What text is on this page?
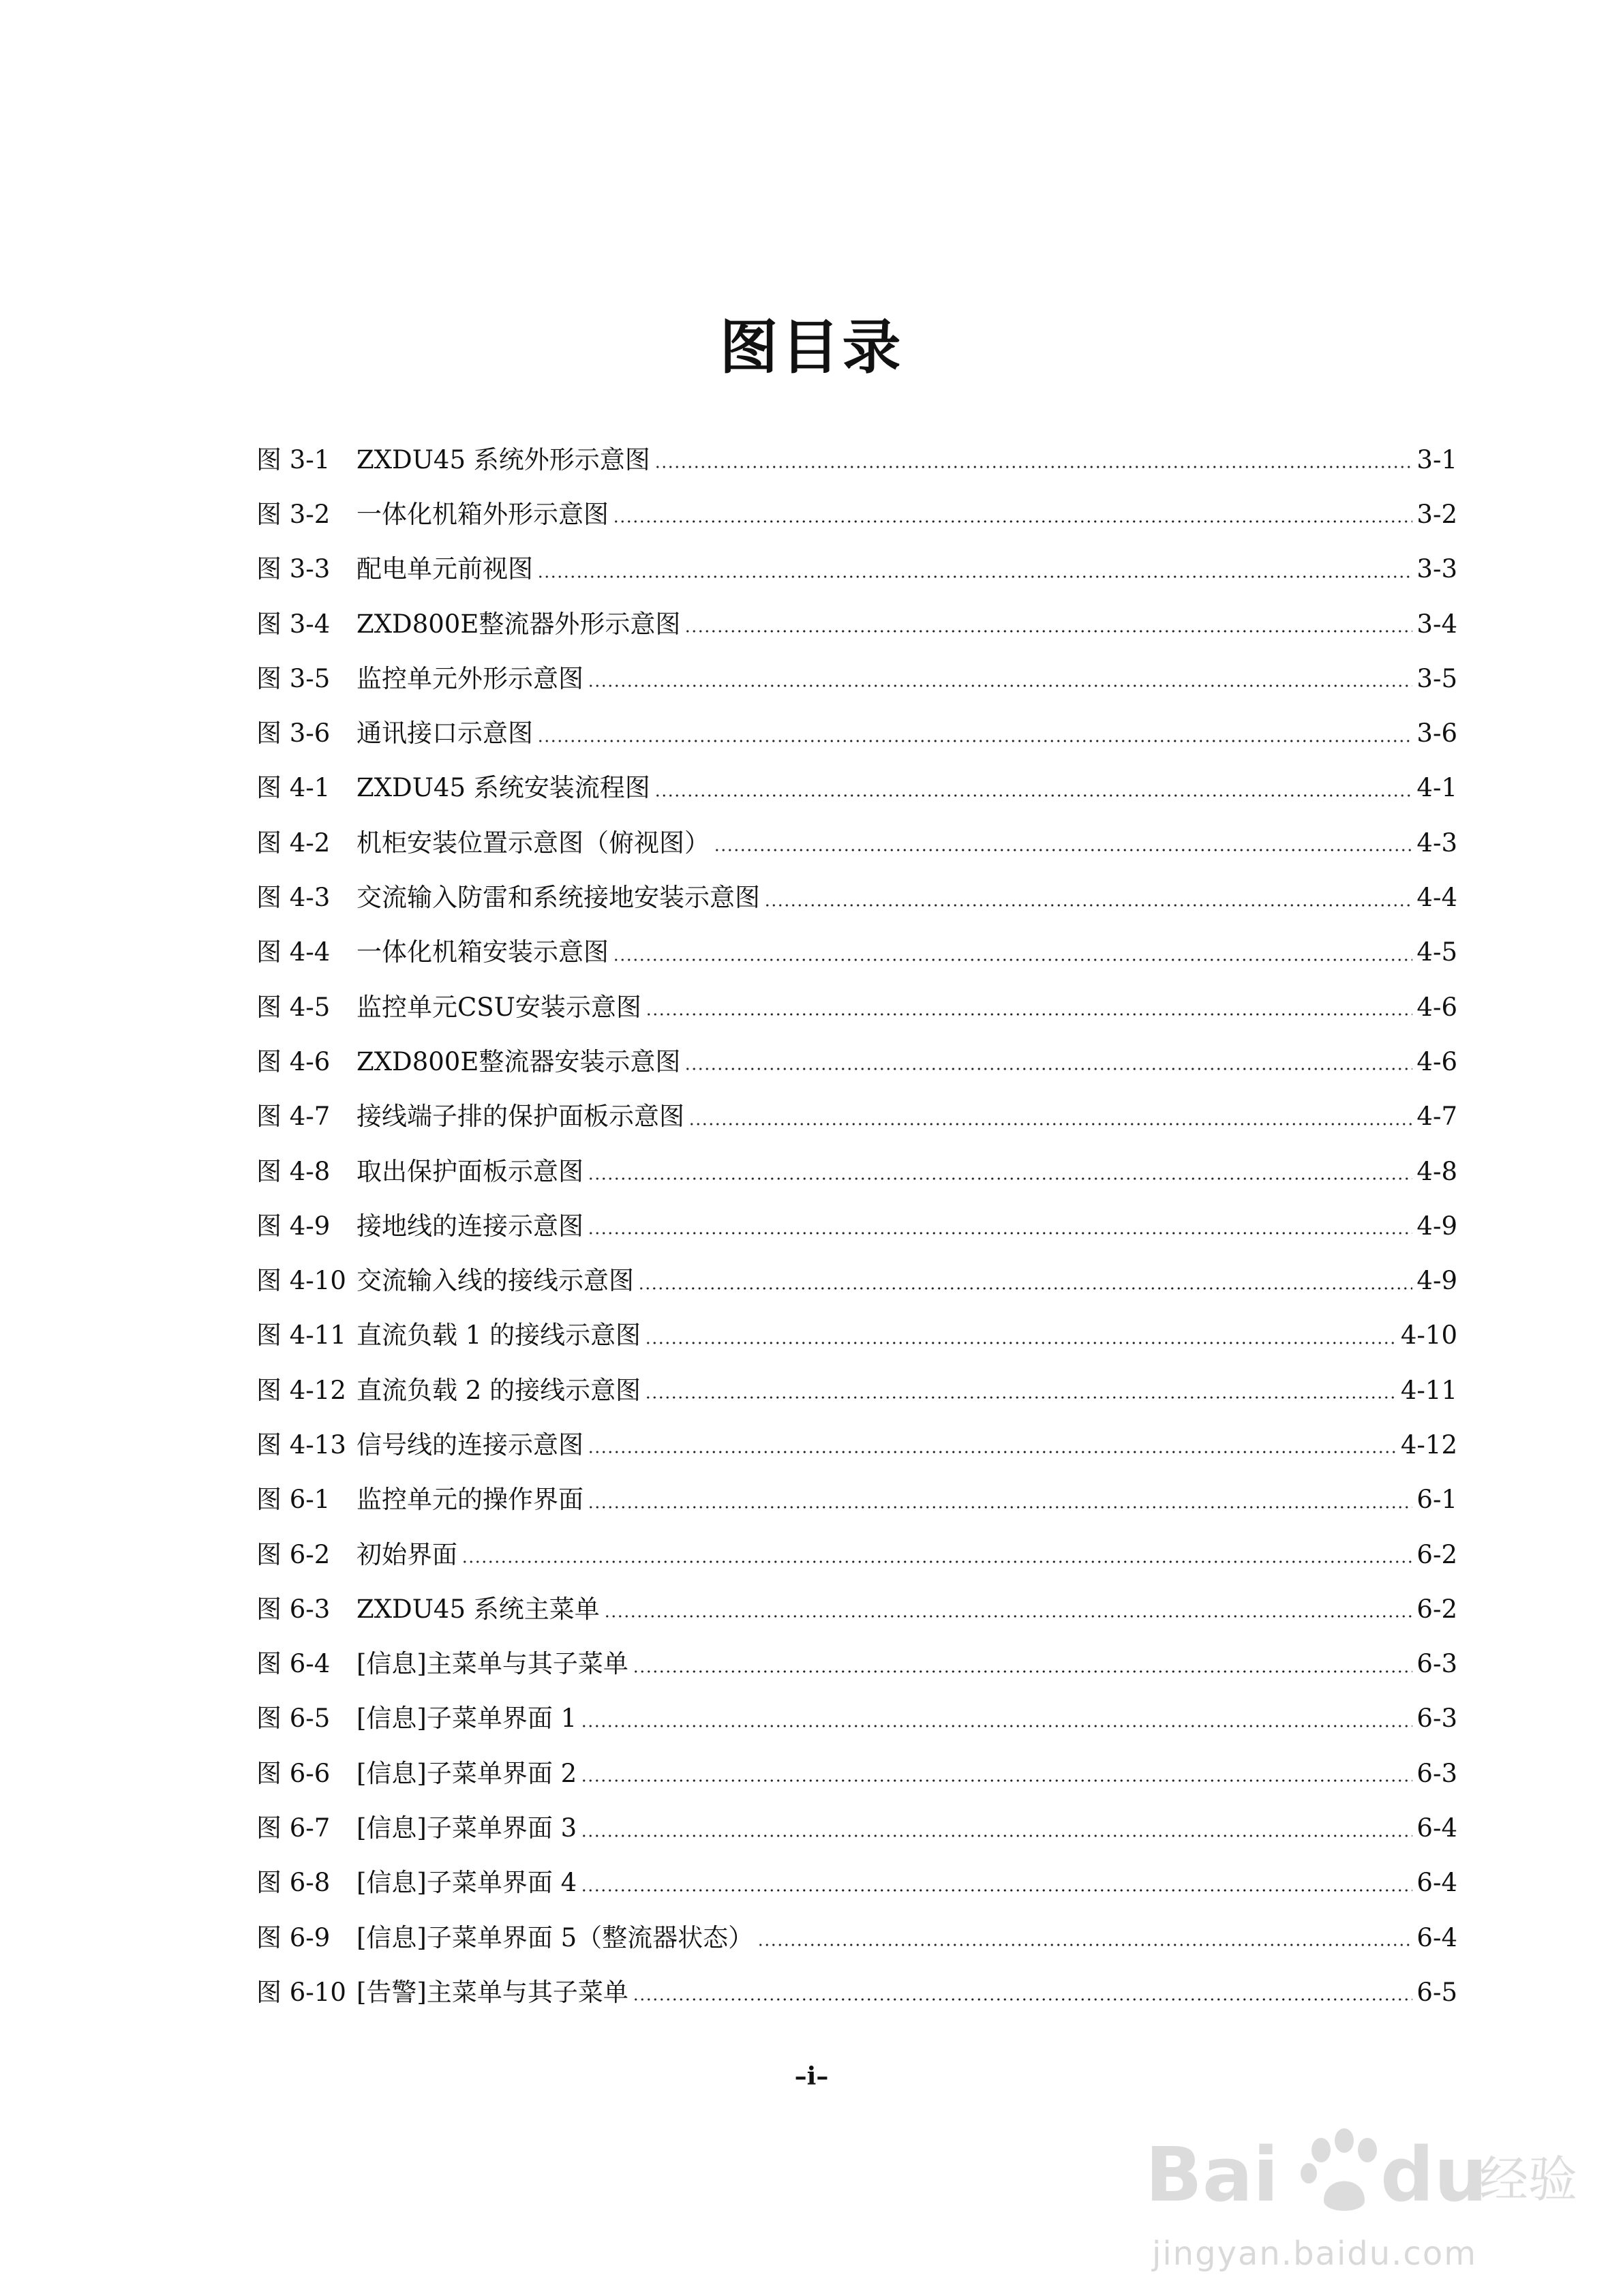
图目录
图 3-1	ZXDU45 系统外形示意图	3-1
图 3-2	一体化机箱外形示意图	3-2
图 3-3	配电单元前视图	3-3
图 3-4	ZXD800E整流器外形示意图	3-4
图 3-5	监控单元外形示意图	3-5
图 3-6	通讯接口示意图	3-6
图 4-1	ZXDU45 系统安装流程图	4-1
图 4-2	机柜安装位置示意图（俯视图）	4-3
图 4-3	交流输入防雷和系统接地安装示意图	4-4
图 4-4	一体化机箱安装示意图	4-5
图 4-5	监控单元CSU安装示意图	4-6
图 4-6	ZXD800E整流器安装示意图	4-6
图 4-7	接线端子排的保护面板示意图	4-7
图 4-8	取出保护面板示意图	4-8
图 4-9	接地线的连接示意图	4-9
图 4-10 交流输入线的接线示意图	4-9
图 4-11 直流负载 1 的接线示意图	4-10
图 4-12 直流负载 2 的接线示意图	4-11
图 4-13 信号线的连接示意图	4-12
图 6-1	监控单元的操作界面	6-1
图 6-2	初始界面	6-2
图 6-3	ZXDU45 系统主菜单	6-2
图 6-4	[信息]主菜单与其子菜单	6-3
图 6-5	[信息]子菜单界面 1	6-3
图 6-6	[信息]子菜单界面 2	6-3
图 6-7	[信息]子菜单界面 3	6-4
图 6-8	[信息]子菜单界面 4	6-4
图 6-9	[信息]子菜单界面 5（整流器状态）	6-4
图 6-10 [告警]主菜单与其子菜单	6-5
–i–
Bai du
经验
jingyan.baidu.com
